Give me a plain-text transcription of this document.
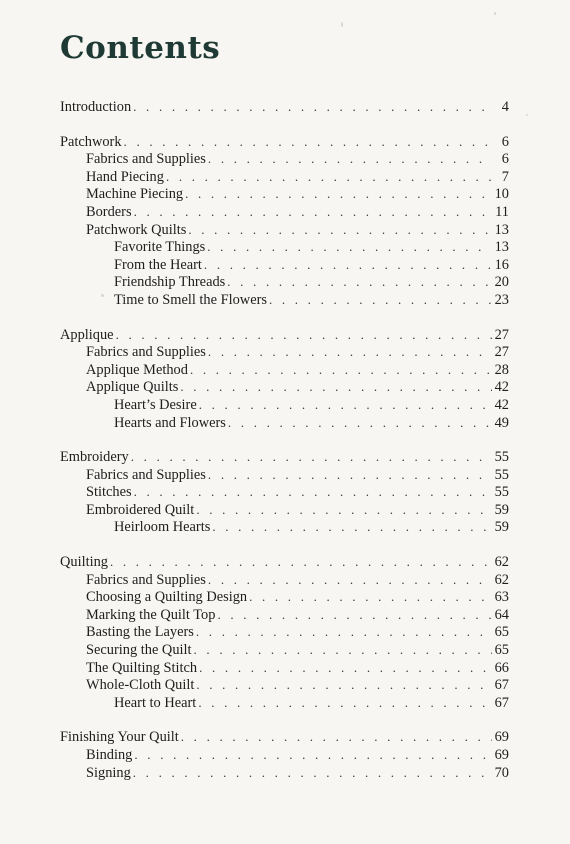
Contents
Introduction . . .	4
Patchwork . . .	6
Fabrics and Supplies . . .	6
Hand Piecing . . .	7
Machine Piecing . . .	10
Borders . . .	11
Patchwork Quilts . . .	13
Favorite Things . . .	13
From the Heart . . .	16
Friendship Threads . . .	20
Time to Smell the Flowers . . .	23
Applique . . .	27
Fabrics and Supplies . . .	27
Applique Method . . .	28
Applique Quilts . . .	42
Heart’s Desire . . .	42
Hearts and Flowers . . .	49
Embroidery . . .	55
Fabrics and Supplies . . .	55
Stitches . . .	55
Embroidered Quilt . . .	59
Heirloom Hearts . . .	59
Quilting . . .	62
Fabrics and Supplies . . .	62
Choosing a Quilting Design . . .	63
Marking the Quilt Top . . .	64
Basting the Layers . . .	65
Securing the Quilt . . .	65
The Quilting Stitch . . .	66
Whole-Cloth Quilt . . .	67
Heart to Heart . . .	67
Finishing Your Quilt . . .	69
Binding . . .	69
Signing . . .	70
